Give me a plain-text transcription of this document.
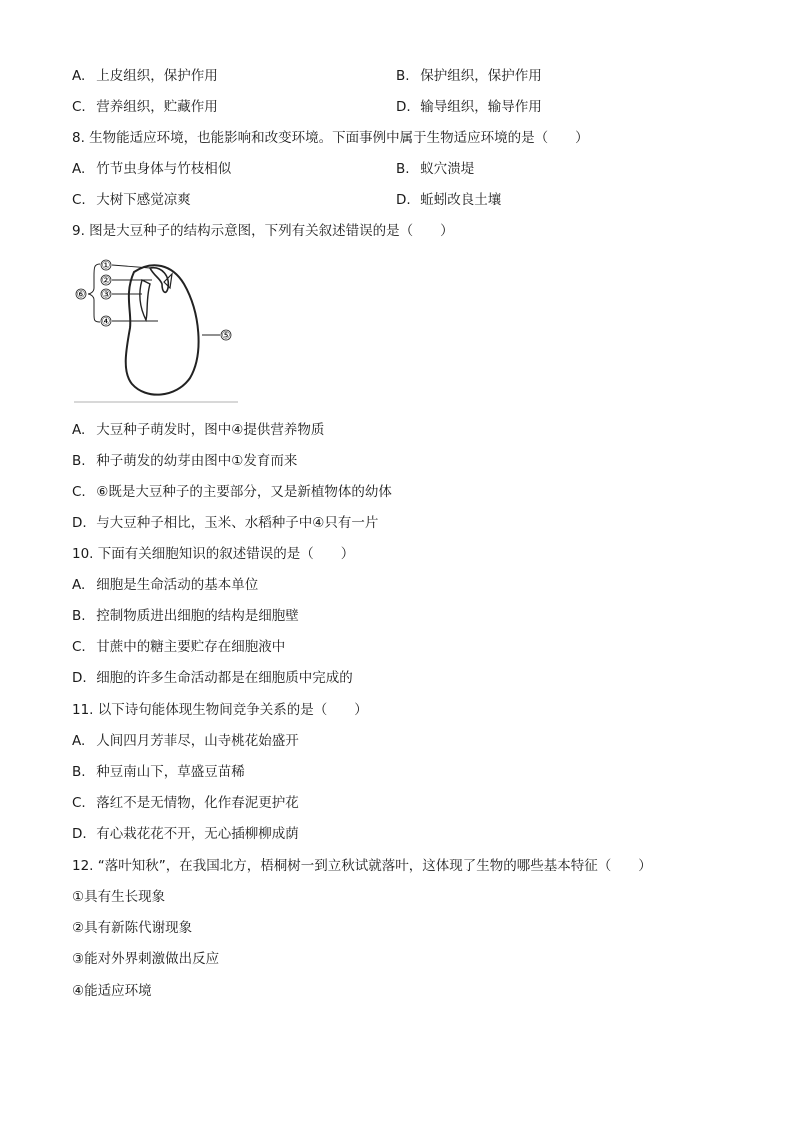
A. 上皮组织，保护作用	B. 保护组织，保护作用
C. 营养组织，贮藏作用	D. 输导组织，输导作用
8. 生物能适应环境，也能影响和改变环境。下面事例中属于生物适应环境的是（　　）
A. 竹节虫身体与竹枝相似	B. 蚁穴溃堤
C. 大树下感觉凉爽	D. 蚯蚓改良土壤
9. 图是大豆种子的结构示意图，下列有关叙述错误的是（　　）
①
②
③
④
⑤
⑥
A. 大豆种子萌发时，图中④提供营养物质
B. 种子萌发的幼芽由图中①发育而来
C. ⑥既是大豆种子的主要部分，又是新植物体的幼体
D. 与大豆种子相比，玉米、水稻种子中④只有一片
10. 下面有关细胞知识的叙述错误的是（　　）
A. 细胞是生命活动的基本单位
B. 控制物质进出细胞的结构是细胞壁
C. 甘蔗中的糖主要贮存在细胞液中
D. 细胞的许多生命活动都是在细胞质中完成的
11. 以下诗句能体现生物间竞争关系的是（　　）
A. 人间四月芳菲尽，山寺桃花始盛开
B. 种豆南山下，草盛豆苗稀
C. 落红不是无情物，化作春泥更护花
D. 有心栽花花不开，无心插柳柳成荫
12. “落叶知秋”，在我国北方，梧桐树一到立秋试就落叶，这体现了生物的哪些基本特征（　　）
①具有生长现象
②具有新陈代谢现象
③能对外界刺激做出反应
④能适应环境
